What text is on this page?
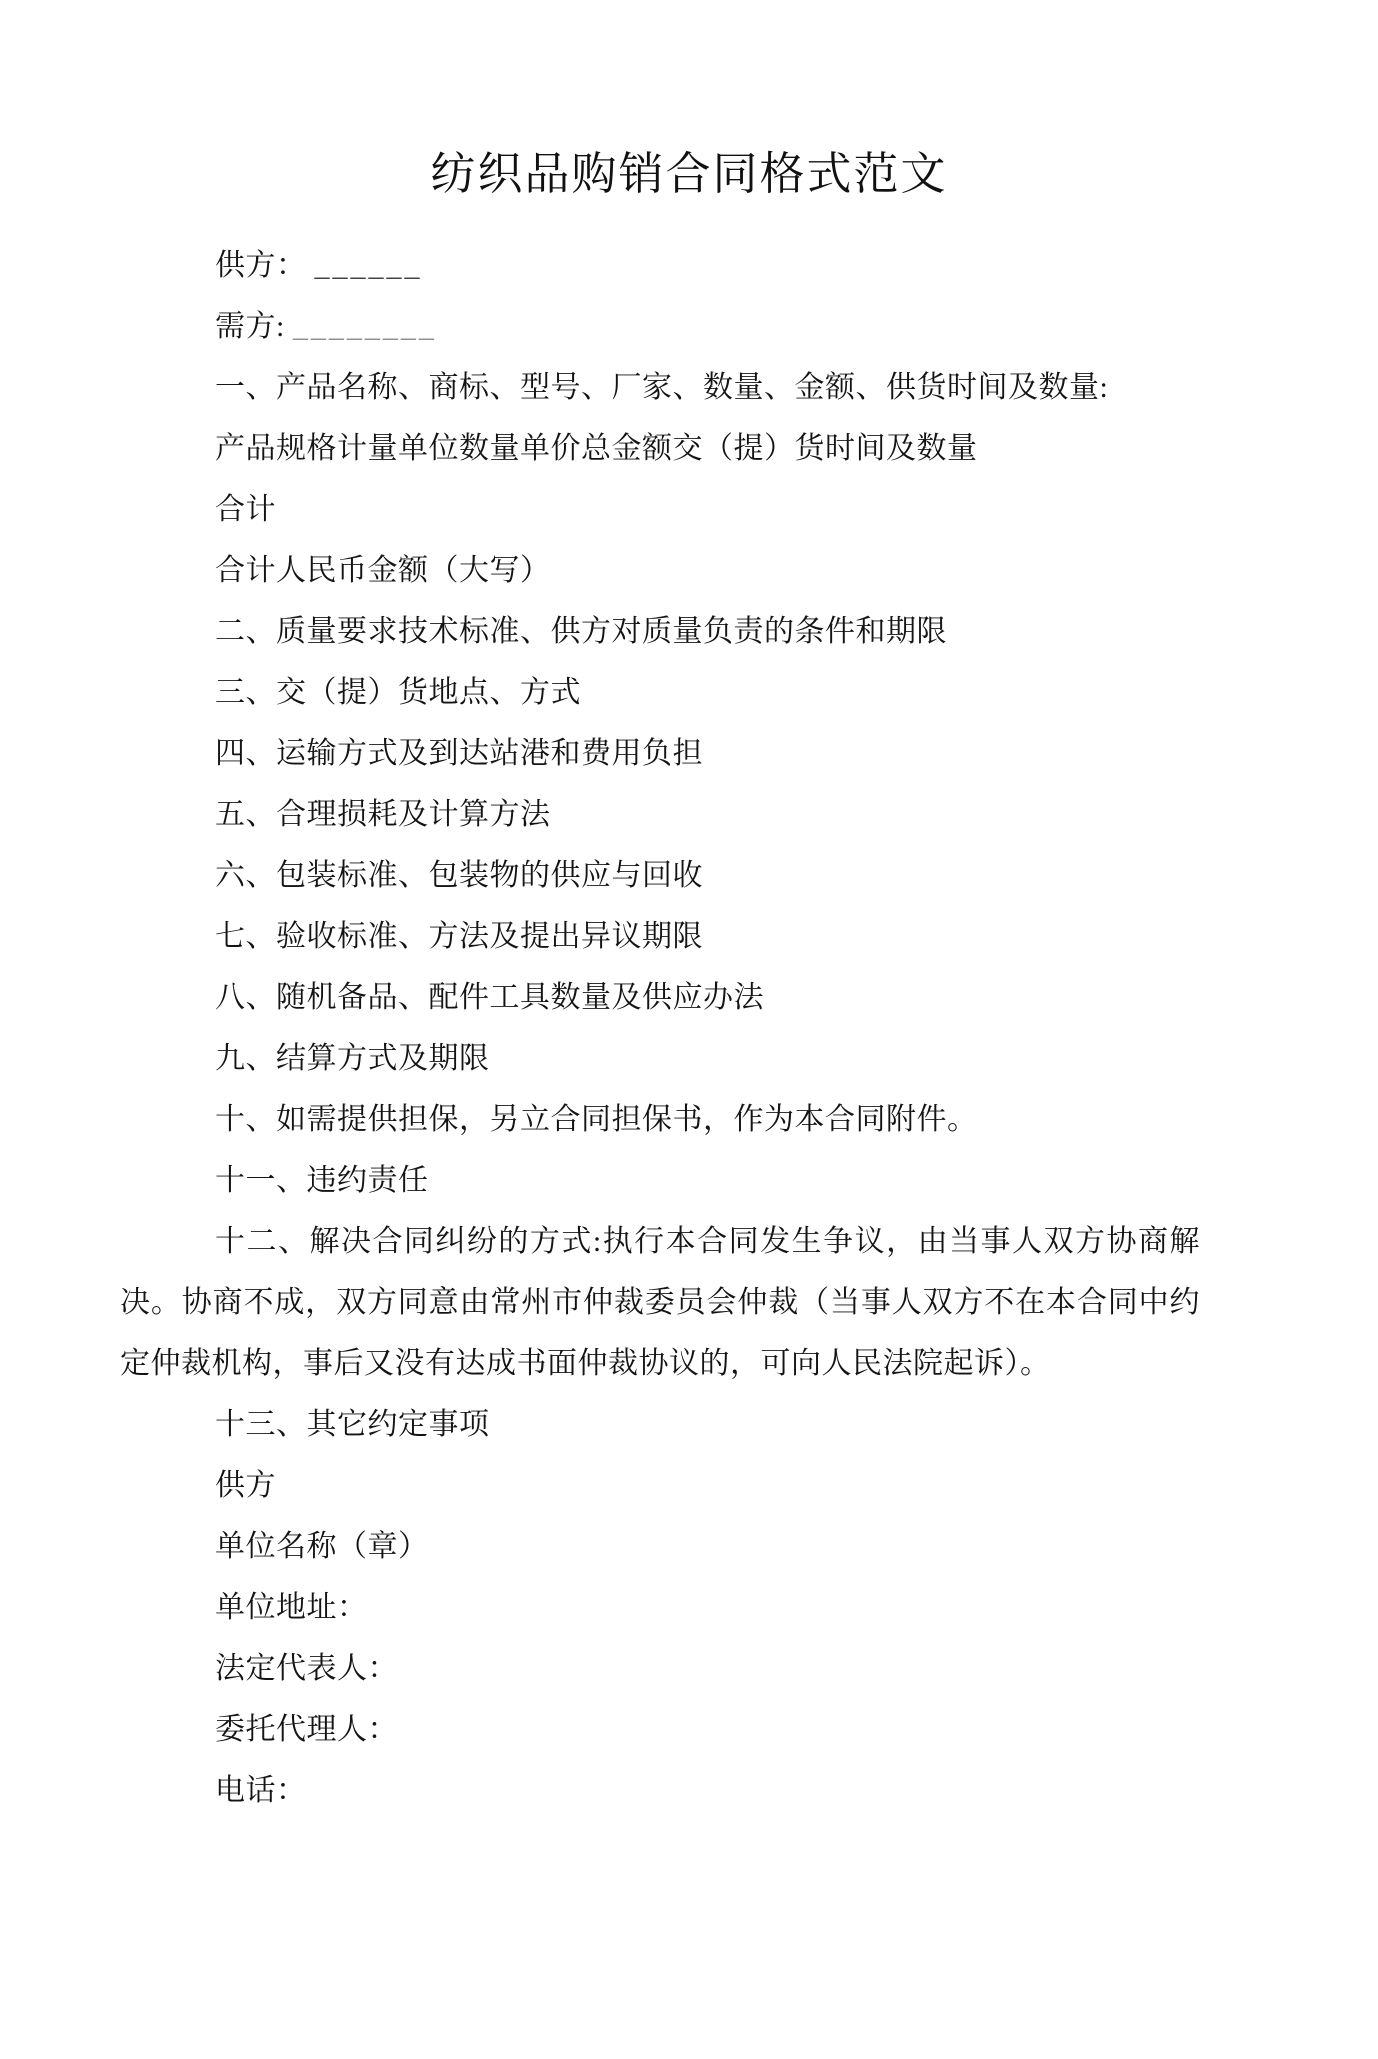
纺织品购销合同格式范文

供方： ______

需方: ________

一、产品名称、商标、型号、厂家、数量、金额、供货时间及数量:

产品规格计量单位数量单价总金额交（提）货时间及数量

合计

合计人民币金额（大写）

二、质量要求技术标准、供方对质量负责的条件和期限

三、交（提）货地点、方式

四、运输方式及到达站港和费用负担

五、合理损耗及计算方法

六、包装标准、包装物的供应与回收

七、验收标准、方法及提出异议期限

八、随机备品、配件工具数量及供应办法

九、结算方式及期限

十、如需提供担保，另立合同担保书，作为本合同附件。

十一、违约责任

十二、解决合同纠纷的方式:执行本合同发生争议，由当事人双方协商解决。协商不成，双方同意由常州市仲裁委员会仲裁（当事人双方不在本合同中约定仲裁机构，事后又没有达成书面仲裁协议的，可向人民法院起诉）。

十三、其它约定事项

供方

单位名称（章）

单位地址：

法定代表人：

委托代理人：

电话：
